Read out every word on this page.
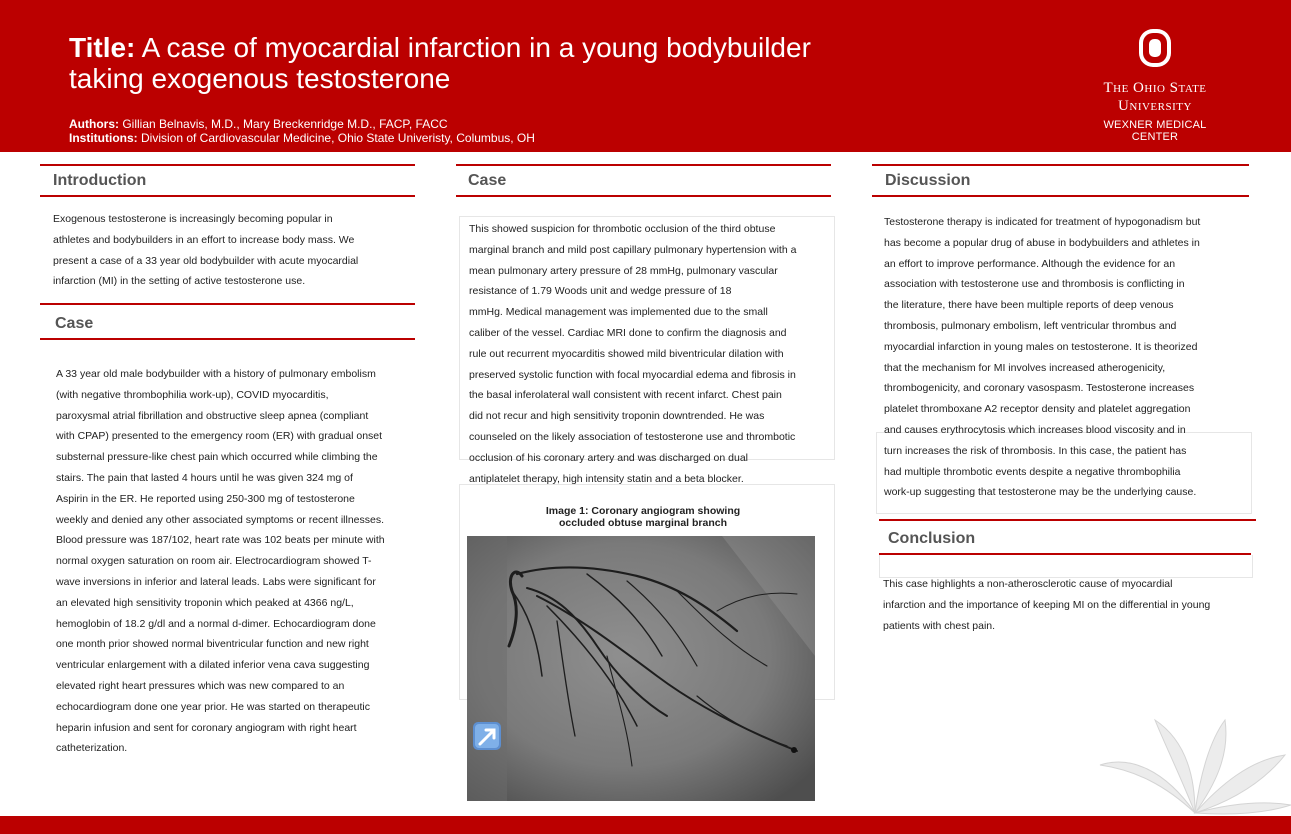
Title: A case of myocardial infarction in a young bodybuilder
taking exogenous testosterone
Authors: Gillian Belnavis, M.D., Mary Breckenridge M.D., FACP, FACC
Institutions: Division of Cardiovascular Medicine, Ohio State Univeristy, Columbus, OH
The Ohio State
University
WEXNER MEDICAL CENTER
Introduction
Exogenous testosterone is increasingly becoming popular in
athletes and bodybuilders in an effort to increase body mass. We
present a case of a 33 year old bodybuilder with acute myocardial
infarction (MI) in the setting of active testosterone use.
Case
A 33 year old male bodybuilder with a history of pulmonary embolism
(with negative thrombophilia work-up), COVID myocarditis,
paroxysmal atrial fibrillation and obstructive sleep apnea (compliant
with CPAP) presented to the emergency room (ER) with gradual onset
substernal pressure-like chest pain which occurred while climbing the
stairs. The pain that lasted 4 hours until he was given 324 mg of
Aspirin in the ER. He reported using 250-300 mg of testosterone
weekly and denied any other associated symptoms or recent illnesses.
Blood pressure was 187/102, heart rate was 102 beats per minute with
normal oxygen saturation on room air. Electrocardiogram showed T-
wave inversions in inferior and lateral leads. Labs were significant for
an elevated high sensitivity troponin which peaked at 4366 ng/L,
hemoglobin of 18.2 g/dl and a normal d-dimer. Echocardiogram done
one month prior showed normal biventricular function and new right
ventricular enlargement with a dilated inferior vena cava suggesting
elevated right heart pressures which was new compared to an
echocardiogram done one year prior. He was started on therapeutic
heparin infusion and sent for coronary angiogram with right heart
catheterization.
Case
This showed suspicion for thrombotic occlusion of the third obtuse
marginal branch and mild post capillary pulmonary hypertension with a
mean pulmonary artery pressure of 28 mmHg, pulmonary vascular
resistance of 1.79 Woods unit and wedge pressure of 18
mmHg. Medical management was implemented due to the small
caliber of the vessel. Cardiac MRI done to confirm the diagnosis and
rule out recurrent myocarditis showed mild biventricular dilation with
preserved systolic function with focal myocardial edema and fibrosis in
the basal inferolateral wall consistent with recent infarct. Chest pain
did not recur and high sensitivity troponin downtrended. He was
counseled on the likely association of testosterone use and thrombotic
occlusion of his coronary artery and was discharged on dual
antiplatelet therapy, high intensity statin and a beta blocker.
Image 1: Coronary angiogram showing
occluded obtuse marginal branch
Discussion
Testosterone therapy is indicated for treatment of hypogonadism but
has become a popular drug of abuse in bodybuilders and athletes in
an effort to improve performance. Although the evidence for an
association with testosterone use and thrombosis is conflicting in
the literature, there have been multiple reports of deep venous
thrombosis, pulmonary embolism, left ventricular thrombus and
myocardial infarction in young males on testosterone. It is theorized
that the mechanism for MI involves increased atherogenicity,
thrombogenicity, and coronary vasospasm. Testosterone increases
platelet thromboxane A2 receptor density and platelet aggregation
and causes erythrocytosis which increases blood viscosity and in
turn increases the risk of thrombosis. In this case, the patient has
had multiple thrombotic events despite a negative thrombophilia
work-up suggesting that testosterone may be the underlying cause.
Conclusion
This case highlights a non-atherosclerotic cause of myocardial
infarction and the importance of keeping MI on the differential in young
patients with chest pain.
